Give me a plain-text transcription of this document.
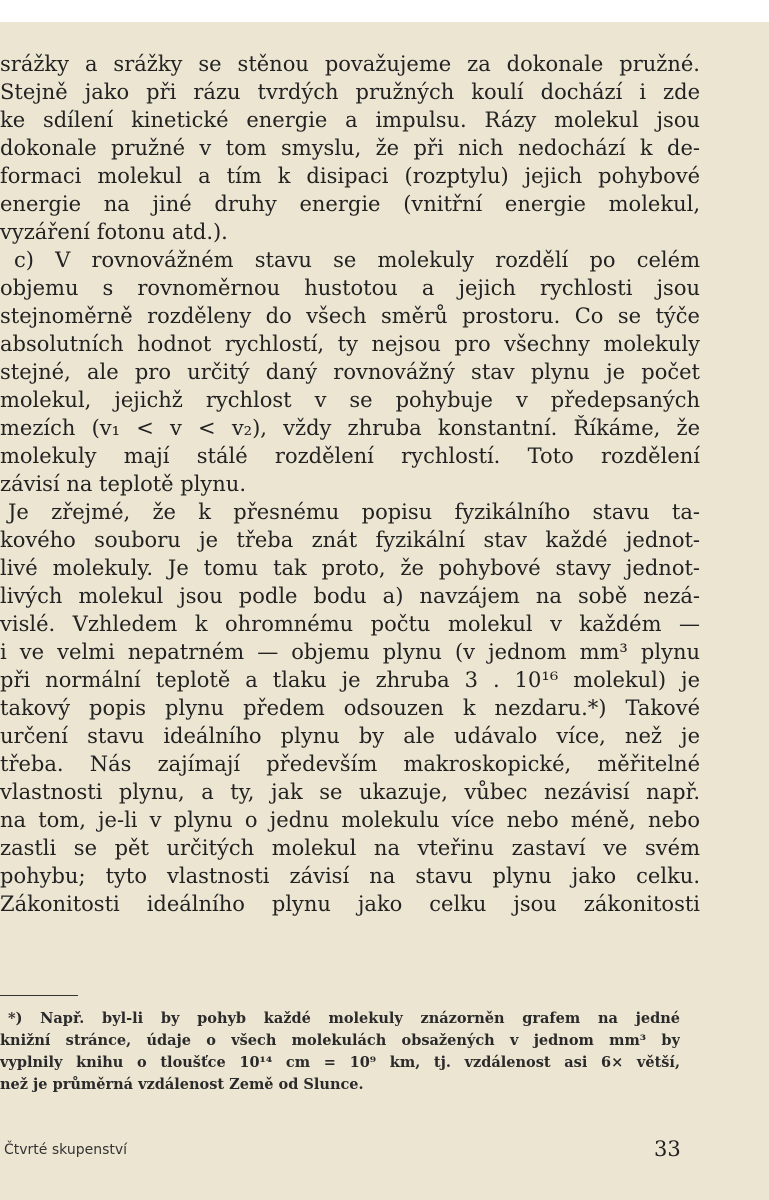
srážky a srážky se stěnou považujeme za dokonale pružné.
Stejně jako při rázu tvrdých pružných koulí dochází i zde
ke sdílení kinetické energie a impulsu. Rázy molekul jsou
dokonale pružné v tom smyslu, že při nich nedochází k de-
formaci molekul a tím k disipaci (rozptylu) jejich pohybové
energie na jiné druhy energie (vnitřní energie molekul,
vyzáření fotonu atd.).
c) V rovnovážném stavu se molekuly rozdělí po celém
objemu s rovnoměrnou hustotou a jejich rychlosti jsou
stejnoměrně rozděleny do všech směrů prostoru. Co se týče
absolutních hodnot rychlostí, ty nejsou pro všechny molekuly
stejné, ale pro určitý daný rovnovážný stav plynu je počet
molekul, jejichž rychlost v se pohybuje v předepsaných
mezích (v₁ < v < v₂), vždy zhruba konstantní. Říkáme, že
molekuly mají stálé rozdělení rychlostí. Toto rozdělení
závisí na teplotě plynu.
Je zřejmé, že k přesnému popisu fyzikálního stavu ta-
kového souboru je třeba znát fyzikální stav každé jednot-
livé molekuly. Je tomu tak proto, že pohybové stavy jednot-
livých molekul jsou podle bodu a) navzájem na sobě nezá-
vislé. Vzhledem k ohromnému počtu molekul v každém —
i ve velmi nepatrném — objemu plynu (v jednom mm³ plynu
při normální teplotě a tlaku je zhruba 3 . 10¹⁶ molekul) je
takový popis plynu předem odsouzen k nezdaru.*) Takové
určení stavu ideálního plynu by ale udávalo více, než je
třeba. Nás zajímají především makroskopické, měřitelné
vlastnosti plynu, a ty, jak se ukazuje, vůbec nezávisí např.
na tom, je-li v plynu o jednu molekulu více nebo méně, nebo
zastli se pět určitých molekul na vteřinu zastaví ve svém
pohybu; tyto vlastnosti závisí na stavu plynu jako celku.
Zákonitosti ideálního plynu jako celku jsou zákonitosti
*) Např. byl-li by pohyb každé molekuly znázorněn grafem na jedné
knižní stránce, údaje o všech molekulách obsažených v jednom mm³ by
vyplnily knihu o tloušťce 10¹⁴ cm = 10⁹ km, tj. vzdálenost asi 6× větší,
než je průměrná vzdálenost Země od Slunce.
Čtvrté skupenství	33
